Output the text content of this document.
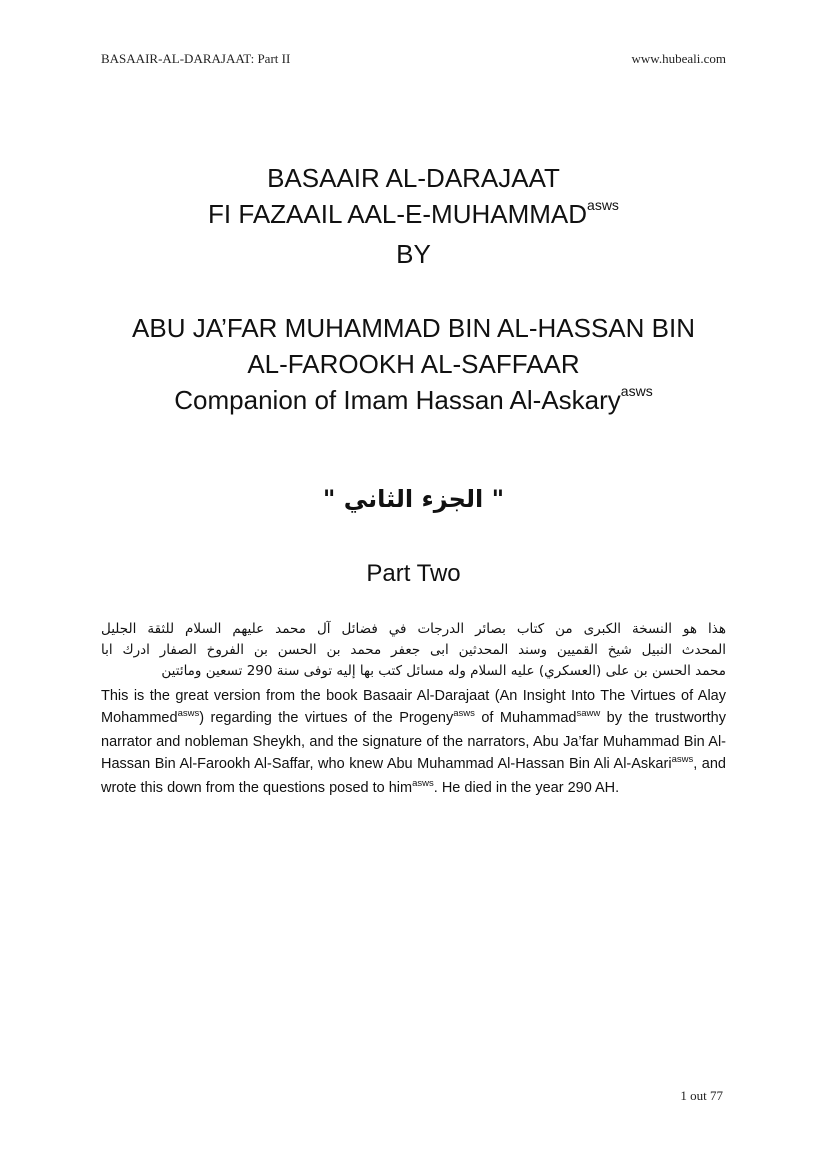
BASAAIR-AL-DARAJAAT: Part II	www.hubeali.com
BASAAIR AL-DARAJAAT
FI FAZAAIL AAL-$E-MUHAMMAD^{asws}$
BY
ABU JA’FAR MUHAMMAD BIN AL-HASSAN BIN
AL-FAROOKH AL-SAFFAAR
Companion of Imam Hassan Al-Askary$^{asws}$
" الجزء الثاني "
Part Two
هذا هو النسخة الكبرى من كتاب بصائر الدرجات في فضائل آل محمد عليهم السلام للثقة الجليل
المحدث النبيل شيخ القميين وسند المحدثين ابى جعفر محمد بن الحسن بن الفروخ الصفار ادرك ابا
محمد الحسن بن على (العسكري) عليه السلام وله مسائل كتب بها إليه توفى سنة 290 تسعين ومائتين
This is the great version from the book Basaair Al-Darajaat (An Insight Into The Virtues of Alay Mohammed$^{asws}$) regarding the virtues of the Progeny$^{asws}$ of Muhammad$^{saww}$ by the trustworthy narrator and nobleman Sheykh, and the signature of the narrators, Abu Ja’far Muhammad Bin Al-Hassan Bin Al-Farookh Al-Saffar, who knew Abu Muhammad Al-Hassan Bin Ali Al-Askari$^{asws}$, and wrote this down from the questions posed to him$^{asws}$. He died in the year 290 AH.
1 out 77
